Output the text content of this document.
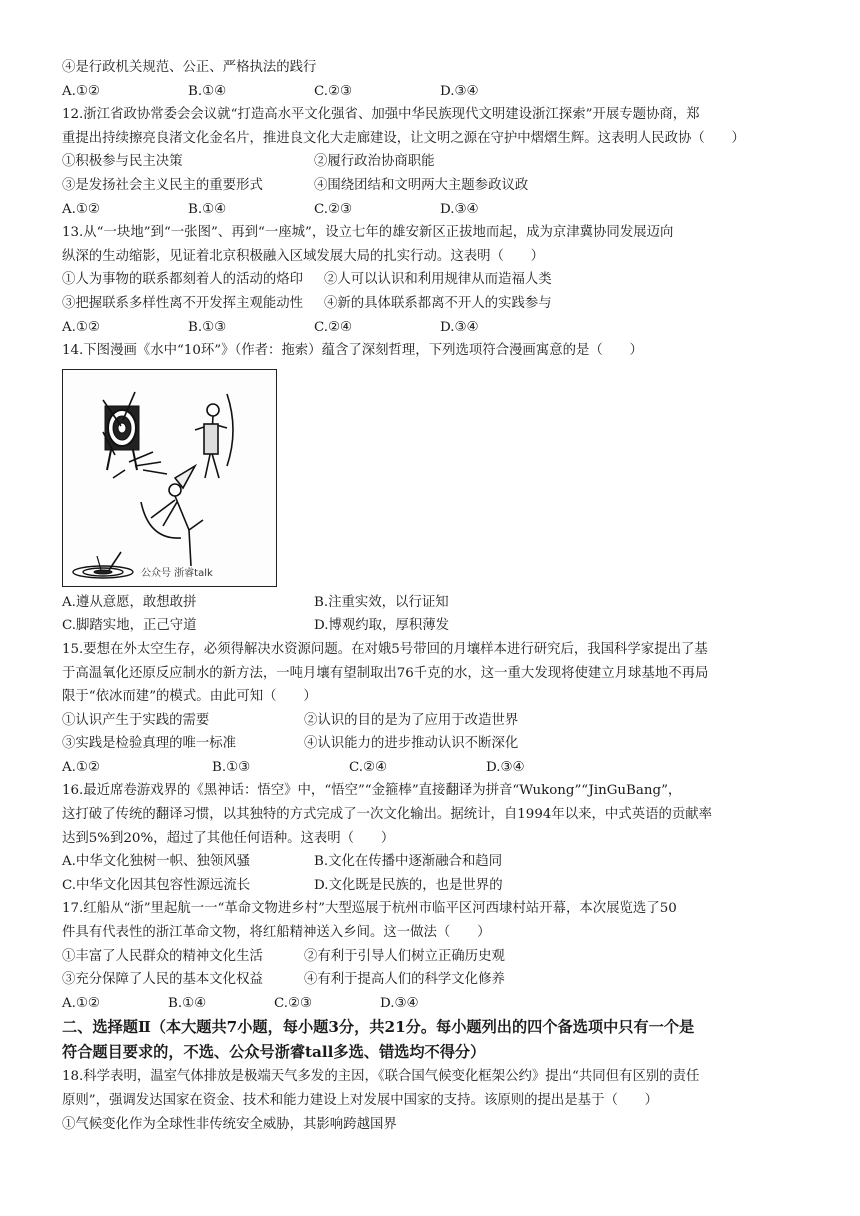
④是行政机关规范、公正、严格执法的践行
A.①②	B.①④	C.②③	D.③④
12.浙江省政协常委会会议就“打造高水平文化强省、加强中华民族现代文明建设浙江探索”开展专题协商，郑
重提出持续擦亮良渚文化金名片，推进良文化大走廊建设，让文明之源在守护中熠熠生辉。这表明人民政协（　　）
①积极参与民主决策	②履行政治协商职能
③是发扬社会主义民主的重要形式	④围绕团结和文明两大主题参政议政
A.①②	B.①④	C.②③	D.③④
13.从“一块地”到“一张图”、再到“一座城”，设立七年的雄安新区正拔地而起，成为京津冀协同发展迈向
纵深的生动缩影，见证着北京积极融入区域发展大局的扎实行动。这表明（　　）
①人为事物的联系都刻着人的活动的烙印	②人可以认识和利用规律从而造福人类
③把握联系多样性离不开发挥主观能动性	④新的具体联系都离不开人的实践参与
A.①②	B.①③	C.②④	D.③④
14.下图漫画《水中“10环”》（作者：拖索）蕴含了深刻哲理，下列选项符合漫画寓意的是（　　）
公众号 浙睿talk
A.遵从意愿，敢想敢拼	B.注重实效，以行证知
C.脚踏实地，正己守道	D.博观约取，厚积薄发
15.要想在外太空生存，必须得解决水资源问题。在对娥5号带回的月壤样本进行研究后，我国科学家提出了基
于高温氧化还原反应制水的新方法，一吨月壤有望制取出76千克的水，这一重大发现将使建立月球基地不再局
限于“依冰而建”的模式。由此可知（　　）
①认识产生于实践的需要	②认识的目的是为了应用于改造世界
③实践是检验真理的唯一标准	④认识能力的进步推动认识不断深化
A.①②	B.①③	C.②④	D.③④
16.最近席卷游戏界的《黑神话：悟空》中，“悟空”“金箍棒”直接翻译为拼音“Wukong”“JinGuBang”，
这打破了传统的翻译习惯，以其独特的方式完成了一次文化输出。据统计，自1994年以来，中式英语的贡献率
达到5%到20%，超过了其他任何语种。这表明（　　）
A.中华文化独树一帜、独领风骚	B.文化在传播中逐渐融合和趋同
C.中华文化因其包容性源远流长	D.文化既是民族的，也是世界的
17.红船从“浙”里起航一一“革命文物进乡村”大型巡展于杭州市临平区河西埭村站开幕，本次展览选了50
件具有代表性的浙江革命文物，将红船精神送入乡间。这一做法（　　）
①丰富了人民群众的精神文化生活	②有利于引导人们树立正确历史观
③充分保障了人民的基本文化权益	④有利于提高人们的科学文化修养
A.①②	B.①④	C.②③	D.③④
二、选择题Ⅱ（本大题共7小题，每小题3分，共21分。每小题列出的四个备选项中只有一个是
符合题目要求的，不选、公众号浙睿tall多选、错选均不得分）
18.科学表明，温室气体排放是极端天气多发的主因，《联合国气候变化框架公约》提出“共同但有区别的责任
原则”，强调发达国家在资金、技术和能力建设上对发展中国家的支持。该原则的提出是基于（　　）
①气候变化作为全球性非传统安全威胁，其影响跨越国界
